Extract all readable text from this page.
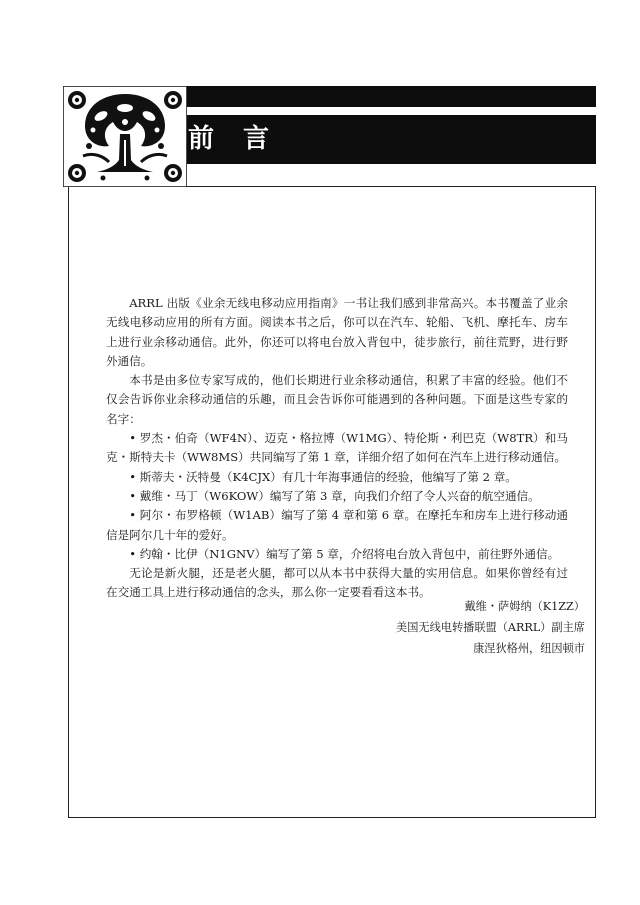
前 言

ARRL 出版《业余无线电移动应用指南》一书让我们感到非常高兴。本书覆盖了业余无线电移动应用的所有方面。阅读本书之后，你可以在汽车、轮船、飞机、摩托车、房车上进行业余移动通信。此外，你还可以将电台放入背包中，徒步旅行，前往荒野，进行野外通信。

本书是由多位专家写成的，他们长期进行业余移动通信，积累了丰富的经验。他们不仅会告诉你业余移动通信的乐趣，而且会告诉你可能遇到的各种问题。下面是这些专家的名字：

• 罗杰・伯奇（WF4N）、迈克・格拉博（W1MG）、特伦斯・利巴克（W8TR）和马克・斯特夫卡（WW8MS）共同编写了第 1 章，详细介绍了如何在汽车上进行移动通信。

• 斯蒂夫・沃特曼（K4CJX）有几十年海事通信的经验，他编写了第 2 章。

• 戴维・马丁（W6KOW）编写了第 3 章，向我们介绍了令人兴奋的航空通信。

• 阿尔・布罗格顿（W1AB）编写了第 4 章和第 6 章。在摩托车和房车上进行移动通信是阿尔几十年的爱好。

• 约翰・比伊（N1GNV）编写了第 5 章，介绍将电台放入背包中，前往野外通信。

无论是新火腿，还是老火腿，都可以从本书中获得大量的实用信息。如果你曾经有过在交通工具上进行移动通信的念头，那么你一定要看看这本书。

戴维・萨姆纳（K1ZZ）
美国无线电转播联盟（ARRL）副主席
康涅狄格州，纽因顿市
